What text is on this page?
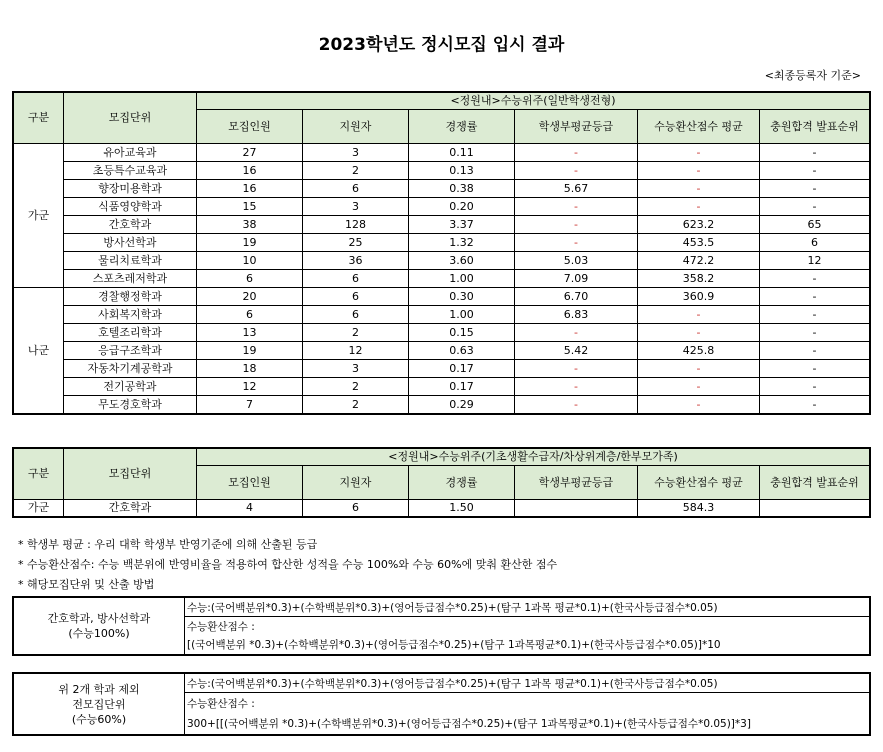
2023학년도 정시모집 입시 결과
<최종등록자 기준>
구분	모집단위	<정원내>수능위주(일반학생전형)					
		모집인원	지원자	경쟁률	학생부평균등급	수능환산점수 평균	충원합격 발표순위
가군	유아교육과	27	3	0.11	-	-	-
	초등특수교육과	16	2	0.13	-	-	-
	향장미용학과	16	6	0.38	5.67	-	-
	식품영양학과	15	3	0.20	-	-	-
	간호학과	38	128	3.37	-	623.2	65
	방사선학과	19	25	1.32	-	453.5	6
	물리치료학과	10	36	3.60	5.03	472.2	12
	스포츠레저학과	6	6	1.00	7.09	358.2	-
나군	경찰행정학과	20	6	0.30	6.70	360.9	-
	사회복지학과	6	6	1.00	6.83	-	-
	호텔조리학과	13	2	0.15	-	-	-
	응급구조학과	19	12	0.63	5.42	425.8	-
	자동차기계공학과	18	3	0.17	-	-	-
	전기공학과	12	2	0.17	-	-	-
	무도경호학과	7	2	0.29	-	-	-
구분	모집단위	<정원내>수능위주(기초생활수급자/차상위계층/한부모가족)					
		모집인원	지원자	경쟁률	학생부평균등급	수능환산점수 평균	충원합격 발표순위
가군	간호학과	4	6	1.50		584.3	
* 학생부 평균 : 우리 대학 학생부 반영기준에 의해 산출된 등급
* 수능환산점수: 수능 백분위에 반영비율을 적용하여 합산한 성적을 수능 100%와 수능 60%에 맞춰 환산한 점수
* 해당모집단위 및 산출 방법
간호학과, 방사선학과
(수능100%)	수능:(국어백분위*0.3)+(수학백분위*0.3)+(영어등급점수*0.25)+(탐구 1과목 평균*0.1)+(한국사등급점수*0.05)

수능환산점수 :
[(국어백분위 *0.3)+(수학백분위*0.3)+(영어등급점수*0.25)+(탐구 1과목평균*0.1)+(한국사등급점수*0.05)]*10
위 2개 학과 제외
전모집단위
(수능60%)	수능:(국어백분위*0.3)+(수학백분위*0.3)+(영어등급점수*0.25)+(탐구 1과목 평균*0.1)+(한국사등급점수*0.05)

수능환산점수 :
300+[[(국어백분위 *0.3)+(수학백분위*0.3)+(영어등급점수*0.25)+(탐구 1과목평균*0.1)+(한국사등급점수*0.05)]*3]
